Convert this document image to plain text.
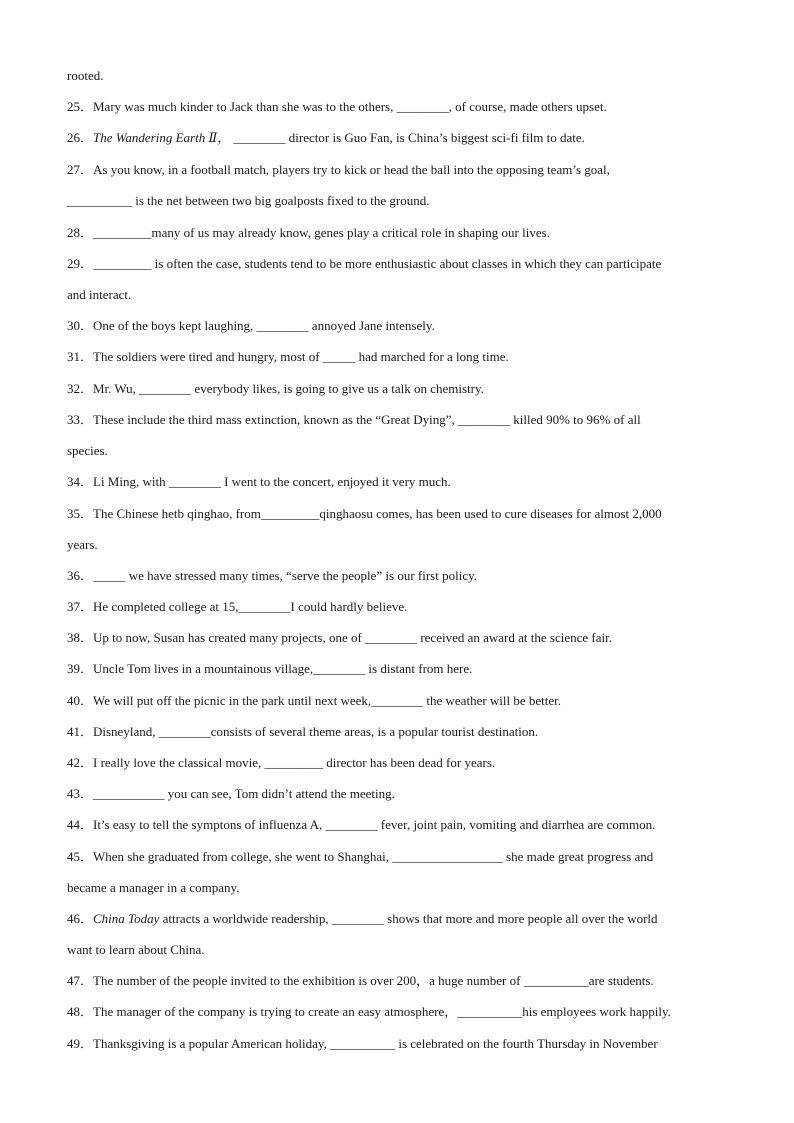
rooted.
25．Mary was much kinder to Jack than she was to the others, ________, of course, made others upset.
26．The Wandering Earth Ⅱ， ________ director is Guo Fan, is China’s biggest sci-fi film to date.
27．As you know, in a football match, players try to kick or head the ball into the opposing team’s goal,
__________ is the net between two big goalposts fixed to the ground.
28．_________many of us may already know, genes play a critical role in shaping our lives.
29．_________ is often the case, students tend to be more enthusiastic about classes in which they can participate
and interact.
30．One of the boys kept laughing, ________ annoyed Jane intensely.
31．The soldiers were tired and hungry, most of _____ had marched for a long time.
32．Mr. Wu, ________ everybody likes, is going to give us a talk on chemistry.
33．These include the third mass extinction, known as the “Great Dying”, ________ killed 90% to 96% of all
species.
34．Li Ming, with ________ I went to the concert, enjoyed it very much.
35．The Chinese hetb qinghao, from_________qinghaosu comes, has been used to cure diseases for almost 2,000
years.
36．_____ we have stressed many times, “serve the people” is our first policy.
37．He completed college at 15,________I could hardly believe.
38．Up to now, Susan has created many projects, one of ________ received an award at the science fair.
39．Uncle Tom lives in a mountainous village,________ is distant from here.
40．We will put off the picnic in the park until next week,________ the weather will be better.
41．Disneyland, ________consists of several theme areas, is a popular tourist destination.
42．I really love the classical movie, _________ director has been dead for years.
43．___________ you can see, Tom didn’t attend the meeting.
44．It’s easy to tell the symptons of influenza A, ________ fever, joint pain, vomiting and diarrhea are common.
45．When she graduated from college, she went to Shanghai, _________________ she made great progress and
became a manager in a company.
46．China Today attracts a worldwide readership, ________ shows that more and more people all over the world
want to learn about China.
47．The number of the people invited to the exhibition is over 200，a huge number of __________are students.
48．The manager of the company is trying to create an easy atmosphere，__________his employees work happily.
49．Thanksgiving is a popular American holiday, __________ is celebrated on the fourth Thursday in November
